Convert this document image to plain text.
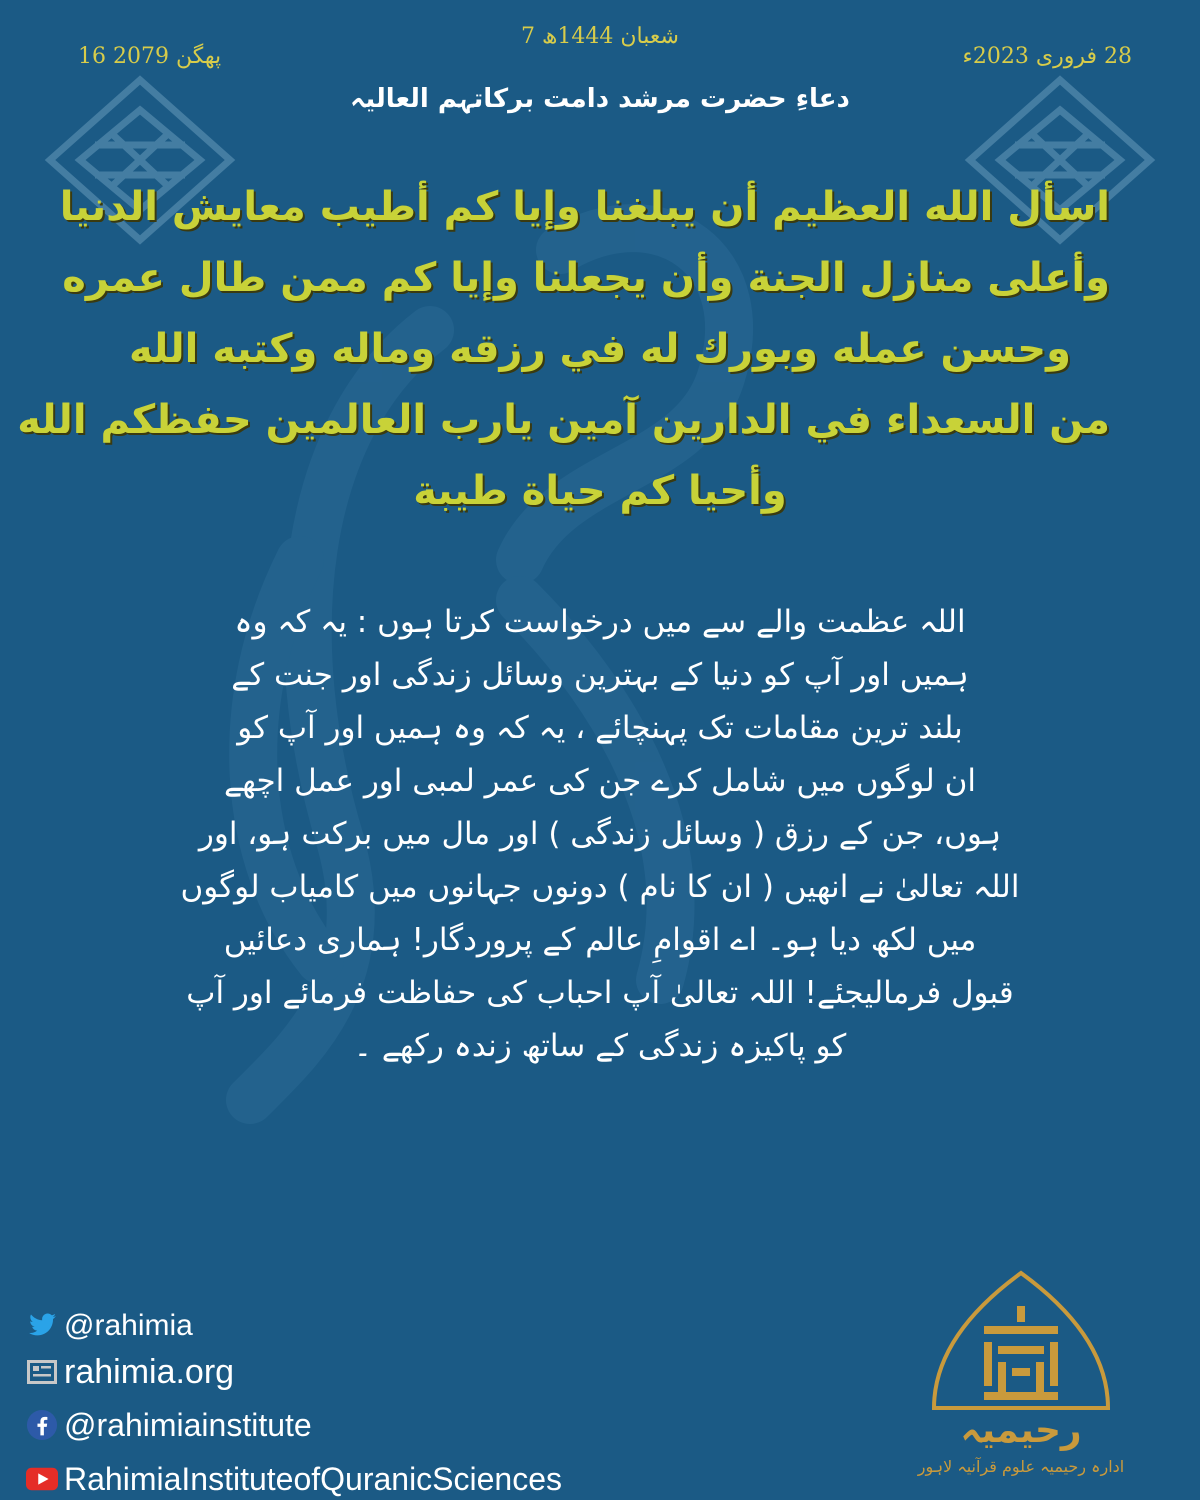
16 پھگن 2079
7 شعبان 1444ھ
28 فروری 2023ء
دعاءِ حضرت مرشد دامت برکاتہم العالیہ
اسأل الله العظيم أن يبلغنا وإيا كم أطيب معايش الدنيا
وأعلى منازل الجنة وأن يجعلنا وإيا كم ممن طال عمره
وحسن عمله وبورك له في رزقه وماله وكتبه الله
من السعداء في الدارين آمين يارب العالمين حفظكم الله
وأحيا كم حياة طيبة
اللہ عظمت والے سے میں درخواست کرتا ہوں : یہ کہ وہ
ہمیں اور آپ کو دنیا کے بہترین وسائل زندگی اور جنت کے
بلند ترین مقامات تک پہنچائے ، یہ کہ وہ ہمیں اور آپ کو
ان لوگوں میں شامل کرے جن کی عمر لمبی اور عمل اچھے
ہوں، جن کے رزق ( وسائل زندگی ) اور مال میں برکت ہو، اور
اللہ تعالیٰ نے انھیں ( ان کا نام ) دونوں جہانوں میں کامیاب لوگوں
میں لکھ دیا ہو۔ اے اقوامِ عالم کے پروردگار! ہماری دعائیں
قبول فرمالیجئے! اللہ تعالیٰ آپ احباب کی حفاظت فرمائے اور آپ
کو پاکیزہ زندگی کے ساتھ زندہ رکھے ۔
@rahimia
rahimia.org
@rahimiainstitute
RahimiaInstituteofQuranicSciences
رحیمیہ
ادارہ رحیمیہ علوم قرآنیہ لاہور
